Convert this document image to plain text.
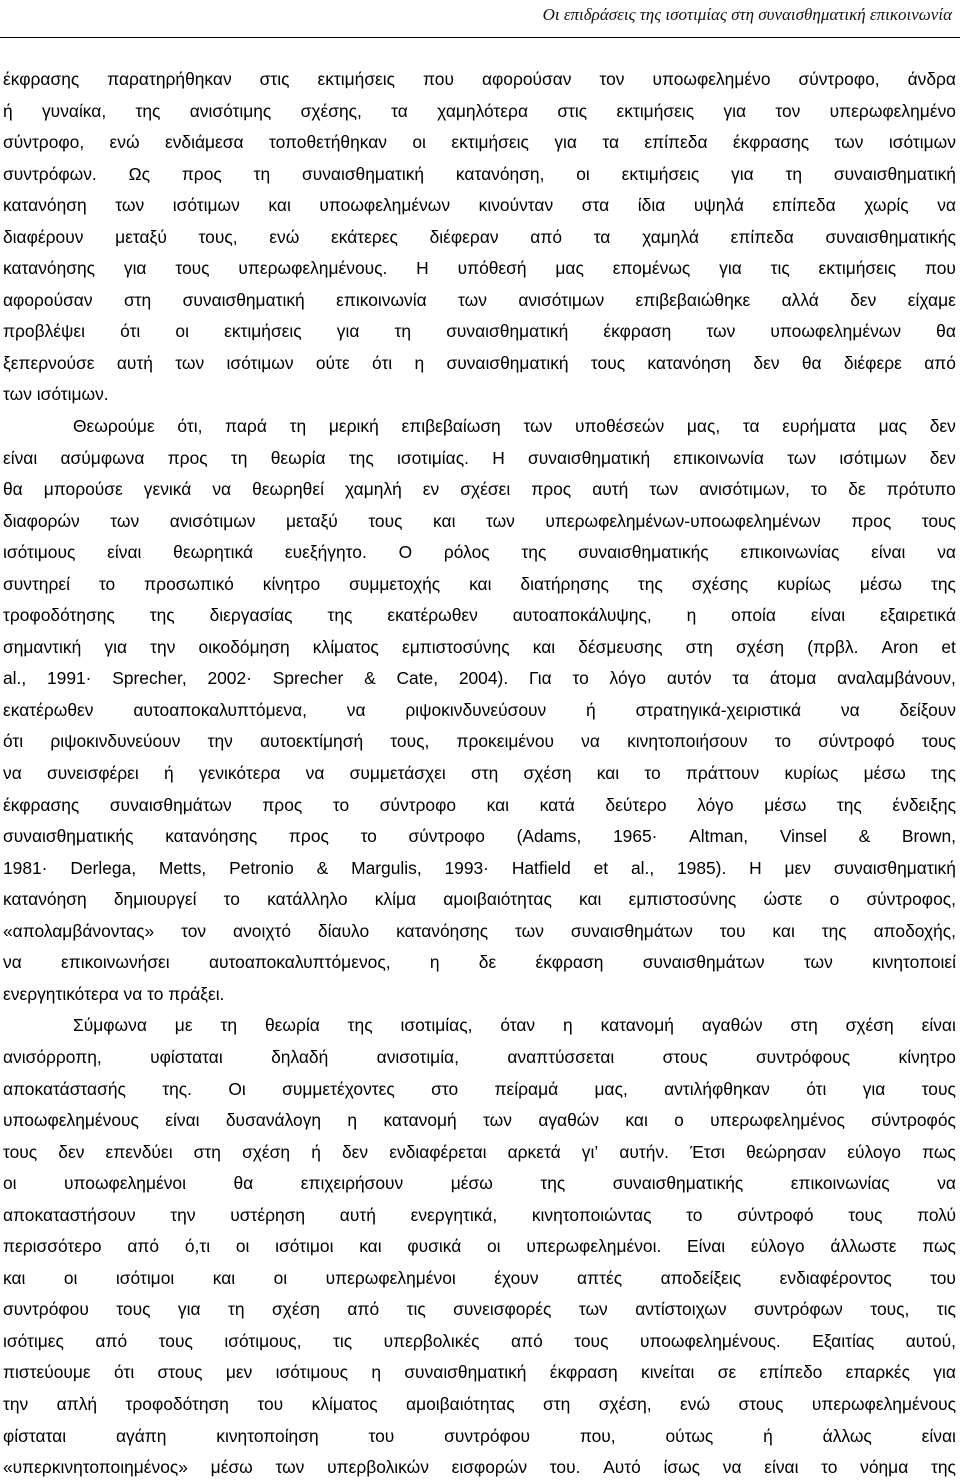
Οι επιδράσεις της ισοτιμίας στη συναισθηματική επικοινωνία
έκφρασης παρατηρήθηκαν στις εκτιμήσεις που αφορούσαν τον υποωφελημένο σύντροφο, άνδρα
ή γυναίκα, της ανισότιμης σχέσης, τα χαμηλότερα στις εκτιμήσεις για τον υπερωφελημένο
σύντροφο, ενώ ενδιάμεσα τοποθετήθηκαν οι εκτιμήσεις για τα επίπεδα έκφρασης των ισότιμων
συντρόφων. Ως προς τη συναισθηματική κατανόηση, οι εκτιμήσεις για τη συναισθηματική
κατανόηση των ισότιμων και υποωφελημένων κινούνταν στα ίδια υψηλά επίπεδα χωρίς να
διαφέρουν μεταξύ τους, ενώ εκάτερες διέφεραν από τα χαμηλά επίπεδα συναισθηματικής
κατανόησης για τους υπερωφελημένους. Η υπόθεσή μας επομένως για τις εκτιμήσεις που
αφορούσαν στη συναισθηματική επικοινωνία των ανισότιμων επιβεβαιώθηκε αλλά δεν είχαμε
προβλέψει ότι οι εκτιμήσεις για τη συναισθηματική έκφραση των υποωφελημένων θα
ξεπερνούσε αυτή των ισότιμων ούτε ότι η συναισθηματική τους κατανόηση δεν θα διέφερε από
των ισότιμων.
Θεωρούμε ότι, παρά τη μερική επιβεβαίωση των υποθέσεών μας, τα ευρήματα μας δεν
είναι ασύμφωνα προς τη θεωρία της ισοτιμίας. Η συναισθηματική επικοινωνία των ισότιμων δεν
θα μπορούσε γενικά να θεωρηθεί χαμηλή εν σχέσει προς αυτή των ανισότιμων, το δε πρότυπο
διαφορών των ανισότιμων μεταξύ τους και των υπερωφελημένων-υποωφελημένων προς τους
ισότιμους είναι θεωρητικά ευεξήγητο. Ο ρόλος της συναισθηματικής επικοινωνίας είναι να
συντηρεί το προσωπικό κίνητρο συμμετοχής και διατήρησης της σχέσης κυρίως μέσω της
τροφοδότησης της διεργασίας της εκατέρωθεν αυτοαποκάλυψης, η οποία είναι εξαιρετικά
σημαντική για την οικοδόμηση κλίματος εμπιστοσύνης και δέσμευσης στη σχέση (πρβλ. Aron et
al., 1991· Sprecher, 2002· Sprecher & Cate, 2004). Για το λόγο αυτόν τα άτομα αναλαμβάνουν,
εκατέρωθεν αυτοαποκαλυπτόμενα, να ριψοκινδυνεύσουν ή στρατηγικά-χειριστικά να δείξουν
ότι ριψοκινδυνεύουν την αυτοεκτίμησή τους, προκειμένου να κινητοποιήσουν το σύντροφό τους
να συνεισφέρει ή γενικότερα να συμμετάσχει στη σχέση και το πράττουν κυρίως μέσω της
έκφρασης συναισθημάτων προς το σύντροφο και κατά δεύτερο λόγο μέσω της ένδειξης
συναισθηματικής κατανόησης προς το σύντροφο (Adams, 1965· Altman, Vinsel & Brown,
1981· Derlega, Metts, Petronio & Margulis, 1993· Hatfield et al., 1985). Η μεν συναισθηματική
κατανόηση δημιουργεί το κατάλληλο κλίμα αμοιβαιότητας και εμπιστοσύνης ώστε ο σύντροφος,
«απολαμβάνοντας» τον ανοιχτό δίαυλο κατανόησης των συναισθημάτων του και της αποδοχής,
να επικοινωνήσει αυτοαποκαλυπτόμενος, η δε έκφραση συναισθημάτων των κινητοποιεί
ενεργητικότερα να το πράξει.
Σύμφωνα με τη θεωρία της ισοτιμίας, όταν η κατανομή αγαθών στη σχέση είναι
ανισόρροπη,	υφίσταται	δηλαδή	ανισοτιμία,	αναπτύσσεται	στους	συντρόφους	κίνητρο
αποκατάστασής της. Οι συμμετέχοντες στο πείραμά μας, αντιλήφθηκαν ότι για τους
υποωφελημένους είναι δυσανάλογη η κατανομή των αγαθών και ο υπερωφελημένος σύντροφός
τους δεν επενδύει στη σχέση ή δεν ενδιαφέρεται αρκετά γι’ αυτήν. Έτσι θεώρησαν εύλογο πως
οι	υποωφελημένοι	θα	επιχειρήσουν	μέσω	της	συναισθηματικής	επικοινωνίας	να
αποκαταστήσουν την υστέρηση αυτή ενεργητικά, κινητοποιώντας το σύντροφό τους πολύ
περισσότερο από ό,τι οι ισότιμοι και φυσικά οι υπερωφελημένοι. Είναι εύλογο άλλωστε πως
και οι ισότιμοι και οι υπερωφελημένοι έχουν απτές αποδείξεις ενδιαφέροντος του
συντρόφου τους για τη σχέση από τις συνεισφορές των αντίστοιχων συντρόφων τους, τις
ισότιμες από τους ισότιμους, τις υπερβολικές από τους υποωφελημένους. Εξαιτίας αυτού,
πιστεύουμε ότι στους μεν ισότιμους η συναισθηματική έκφραση κινείται σε επίπεδο επαρκές για
την απλή τροφοδότηση του κλίματος αμοιβαιότητας στη σχέση, ενώ στους υπερωφελημένους
φίσταται	αγάπη	κινητοποίηση	του	συντρόφου	που,	ούτως	ή	άλλως	είναι
«υπερκινητοποιημένος» μέσω των υπερβολικών εισφορών του. Αυτό ίσως να είναι το νόημα της
